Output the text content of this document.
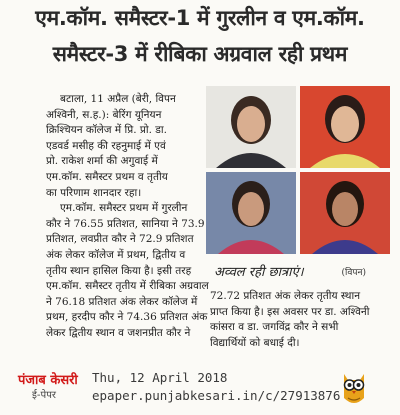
एम.कॉम. समैस्टर-1 में गुरलीन व एम.कॉम.
समैस्टर-3 में रीबिका अग्रवाल रही प्रथम

बटाला, 11 अप्रैल (बेरी, विपन

अश्विनी, स.ह.): बेरिंग यूनियन

क्रिश्चियन कॉलेज में प्रि. प्रो. डा.

एडवर्ड मसीह की रहनुमाई में एवं

प्रो. राकेश शर्मा की अगुवाई में

एम.कॉम. समैस्टर प्रथम व तृतीय

का परिणाम शानदार रहा।

एम.कॉम. समैस्टर प्रथम में गुरलीन

कौर ने 76.55 प्रतिशत, सानिया ने 73.9

प्रतिशत, लवप्रीत कौर ने 72.9 प्रतिशत

अंक लेकर कॉलेज में प्रथम, द्वितीय व

तृतीय स्थान हासिल किया है। इसी तरह

एम.कॉम. समैस्टर तृतीय में रीबिका अग्रवाल

ने 76.18 प्रतिशत अंक लेकर कॉलेज में

प्रथम, हरदीप कौर ने 74.36 प्रतिशत अंक

लेकर द्वितीय स्थान व जशनप्रीत कौर ने

अव्वल रही छात्राएं।	(विपन)

72.72 प्रतिशत अंक लेकर तृतीय स्थान

प्राप्त किया है। इस अवसर पर डा. अश्विनी

कांसरा व डा. जगविंद्र कौर ने सभी

विद्यार्थियों को बधाई दी।

पंजाब केसरी
ई-पेपर
Thu, 12 April 2018
epaper.punjabkesari.in/c/27913876
